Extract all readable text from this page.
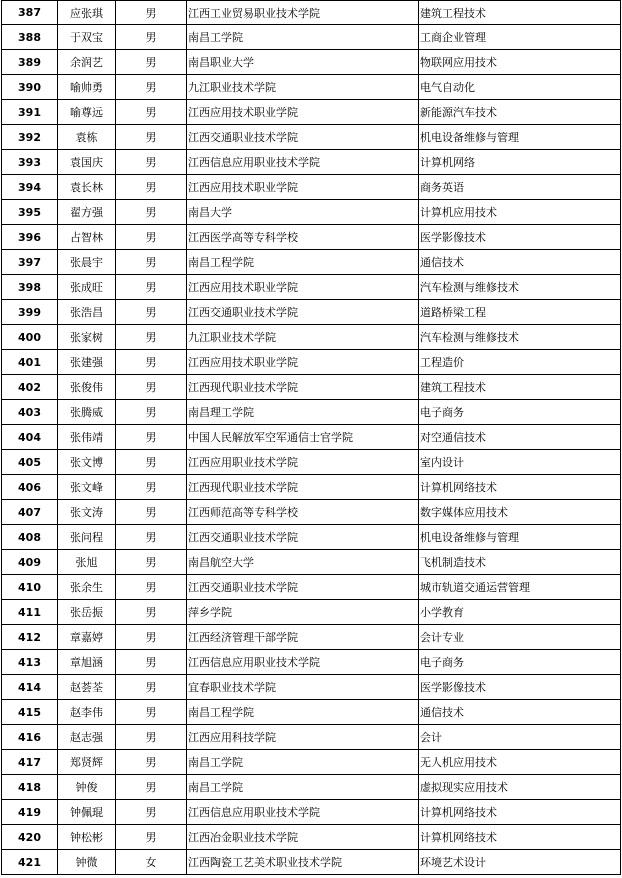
387	应张琪	男	江西工业贸易职业技术学院	建筑工程技术
388	于双宝	男	南昌工学院	工商企业管理
389	余润艺	男	南昌职业大学	物联网应用技术
390	喻帅勇	男	九江职业技术学院	电气自动化
391	喻尊远	男	江西应用技术职业学院	新能源汽车技术
392	袁栋	男	江西交通职业技术学院	机电设备维修与管理
393	袁国庆	男	江西信息应用职业技术学院	计算机网络
394	袁长林	男	江西应用技术职业学院	商务英语
395	翟方强	男	南昌大学	计算机应用技术
396	占智林	男	江西医学高等专科学校	医学影像技术
397	张晨宇	男	南昌工程学院	通信技术
398	张成旺	男	江西应用技术职业学院	汽车检测与维修技术
399	张浩昌	男	江西交通职业技术学院	道路桥梁工程
400	张家树	男	九江职业技术学院	汽车检测与维修技术
401	张建强	男	江西应用技术职业学院	工程造价
402	张俊伟	男	江西现代职业技术学院	建筑工程技术
403	张腾威	男	南昌理工学院	电子商务
404	张伟靖	男	中国人民解放军空军通信士官学院	对空通信技术
405	张文博	男	江西应用职业技术学院	室内设计
406	张文峰	男	江西现代职业技术学院	计算机网络技术
407	张文涛	男	江西师范高等专科学校	数字媒体应用技术
408	张问程	男	江西交通职业技术学院	机电设备维修与管理
409	张旭	男	南昌航空大学	飞机制造技术
410	张余生	男	江西交通职业技术学院	城市轨道交通运营管理
411	张岳振	男	萍乡学院	小学教育
412	章嘉婷	男	江西经济管理干部学院	会计专业
413	章旭涵	男	江西信息应用职业技术学院	电子商务
414	赵荟荃	男	宜春职业技术学院	医学影像技术
415	赵李伟	男	南昌工程学院	通信技术
416	赵志强	男	江西应用科技学院	会计
417	郑贤辉	男	南昌工学院	无人机应用技术
418	钟俊	男	南昌工学院	虚拟现实应用技术
419	钟佩琨	男	江西信息应用职业技术学院	计算机网络技术
420	钟松彬	男	江西冶金职业技术学院	计算机网络技术
421	钟微	女	江西陶瓷工艺美术职业技术学院	环境艺术设计
